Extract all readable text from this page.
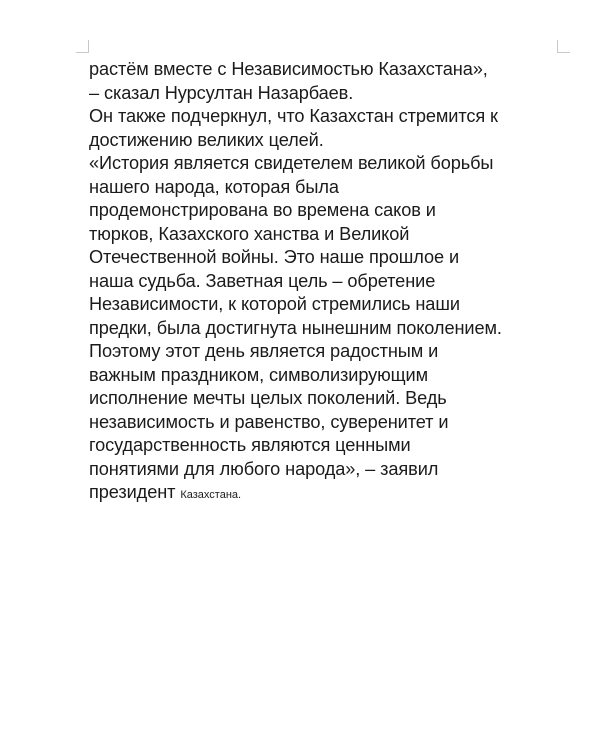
растём вместе с Независимостью Казахстана»,
– сказал Нурсултан Назарбаев.
Он также подчеркнул, что Казахстан стремится к
достижению великих целей.
«История является свидетелем великой борьбы
нашего народа, которая была
продемонстрирована во времена саков и
тюрков, Казахского ханства и Великой
Отечественной войны. Это наше прошлое и
наша судьба. Заветная цель – обретение
Независимости, к которой стремились наши
предки, была достигнута нынешним поколением.
Поэтому этот день является радостным и
важным праздником, символизирующим
исполнение мечты целых поколений. Ведь
независимость и равенство, суверенитет и
государственность являются ценными
понятиями для любого народа», – заявил
президент Казахстана.
